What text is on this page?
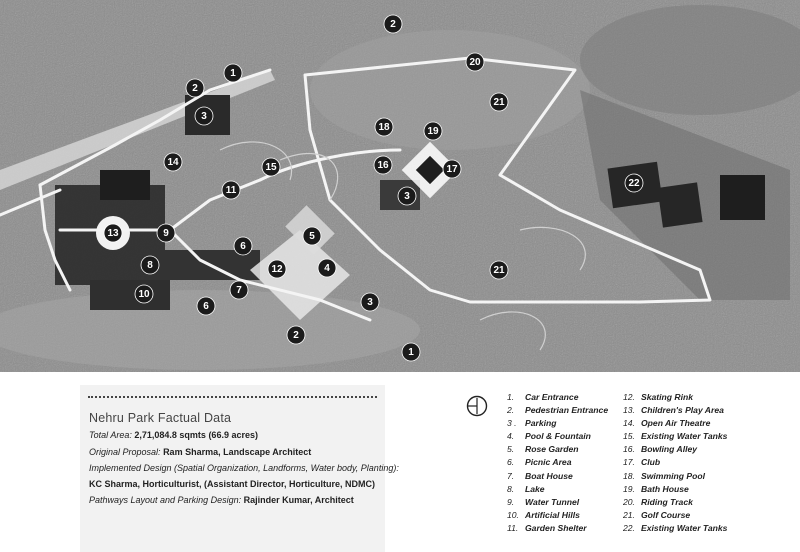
1
1
2
2
2
3
3
3
4
5
6
6
7
8
9
10
11
12
13
14	15	16	17
18	19
20
21
21
22
Nehru Park Factual Data
Total Area: 2,71,084.8 sqmts (66.9 acres)
Original Proposal: Ram Sharma, Landscape Architect
Implemented Design (Spatial Organization, Landforms, Water body, Planting):
KC Sharma, Horticulturist, (Assistant Director, Horticulture, NDMC)
Pathways Layout and Parking Design: Rajinder Kumar, Architect
1. Car Entrance
2. Pedestrian Entrance
3 . Parking
4. Pool & Fountain
5. Rose Garden
6. Picnic Area
7. Boat House
8. Lake
9. Water Tunnel
10. Artificial Hills
11. Garden Shelter
12. Skating Rink
13. Children's Play Area
14. Open Air Theatre
15. Existing Water Tanks
16. Bowling Alley
17. Club
18. Swimming Pool
19. Bath House
20. Riding Track
21. Golf Course
22. Existing Water Tanks
